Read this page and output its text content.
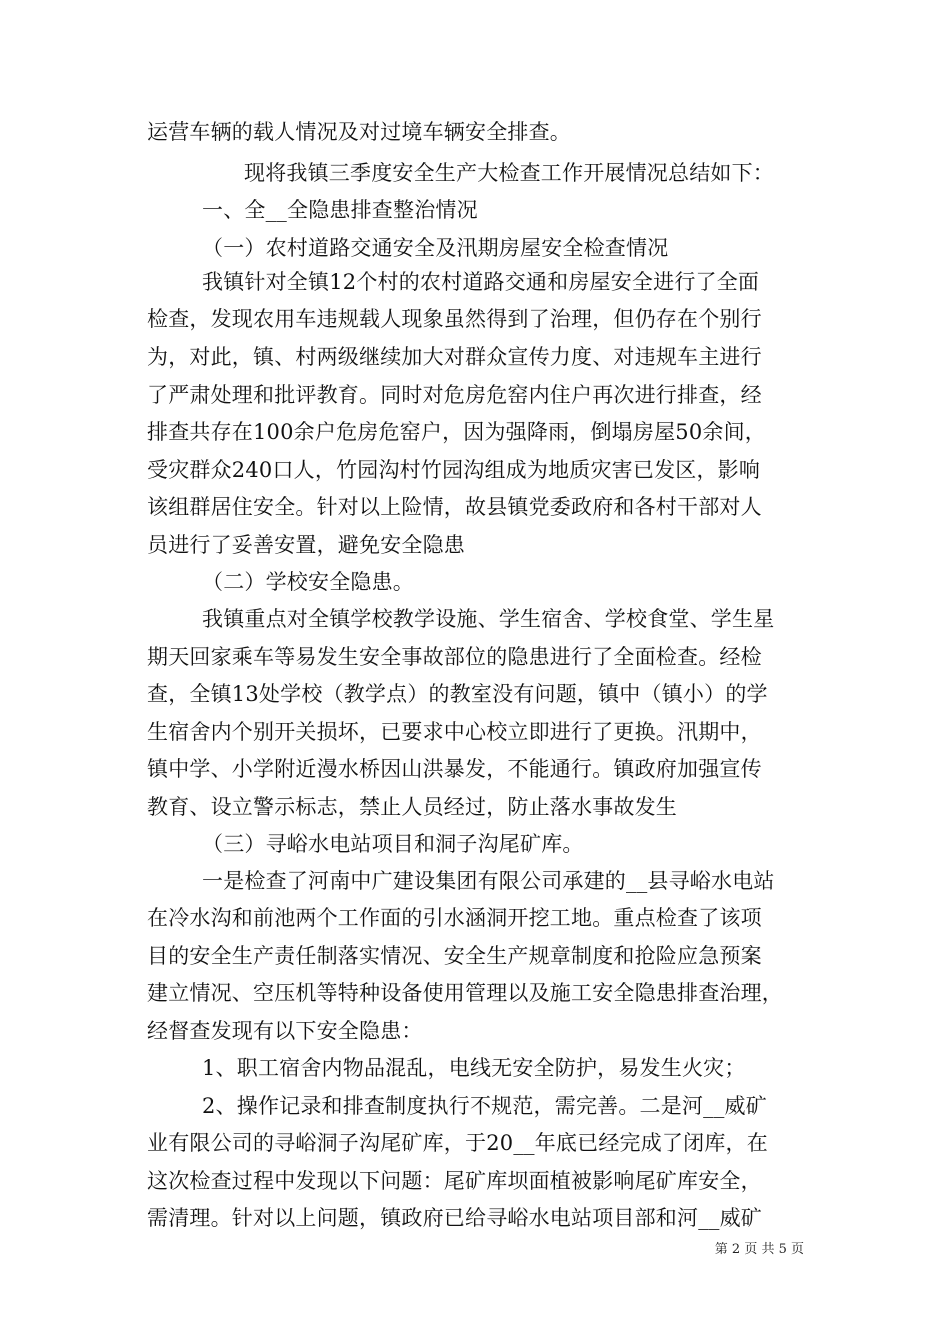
运营车辆的载人情况及对过境车辆安全排查。
现将我镇三季度安全生产大检查工作开展情况总结如下：
一、全__全隐患排查整治情况
（一）农村道路交通安全及汛期房屋安全检查情况
我镇针对全镇12个村的农村道路交通和房屋安全进行了全面
检查，发现农用车违规载人现象虽然得到了治理，但仍存在个别行
为，对此，镇、村两级继续加大对群众宣传力度、对违规车主进行
了严肃处理和批评教育。同时对危房危窑内住户再次进行排查，经
排查共存在100余户危房危窑户，因为强降雨，倒塌房屋50余间，
受灾群众240口人，竹园沟村竹园沟组成为地质灾害已发区，影响
该组群居住安全。针对以上险情，故县镇党委政府和各村干部对人
员进行了妥善安置，避免安全隐患
（二）学校安全隐患。
我镇重点对全镇学校教学设施、学生宿舍、学校食堂、学生星
期天回家乘车等易发生安全事故部位的隐患进行了全面检查。经检
查，全镇13处学校（教学点）的教室没有问题，镇中（镇小）的学
生宿舍内个别开关损坏，已要求中心校立即进行了更换。汛期中，
镇中学、小学附近漫水桥因山洪暴发，不能通行。镇政府加强宣传
教育、设立警示标志，禁止人员经过，防止落水事故发生
（三）寻峪水电站项目和洞子沟尾矿库。
一是检查了河南中广建设集团有限公司承建的__县寻峪水电站
在冷水沟和前池两个工作面的引水涵洞开挖工地。重点检查了该项
目的安全生产责任制落实情况、安全生产规章制度和抢险应急预案
建立情况、空压机等特种设备使用管理以及施工安全隐患排查治理，
经督查发现有以下安全隐患：
1、职工宿舍内物品混乱，电线无安全防护，易发生火灾；
2、操作记录和排查制度执行不规范，需完善。二是河__威矿
业有限公司的寻峪洞子沟尾矿库，于20__年底已经完成了闭库，在
这次检查过程中发现以下问题：尾矿库坝面植被影响尾矿库安全，
需清理。针对以上问题，镇政府已给寻峪水电站项目部和河__威矿
第 2 页 共 5 页
